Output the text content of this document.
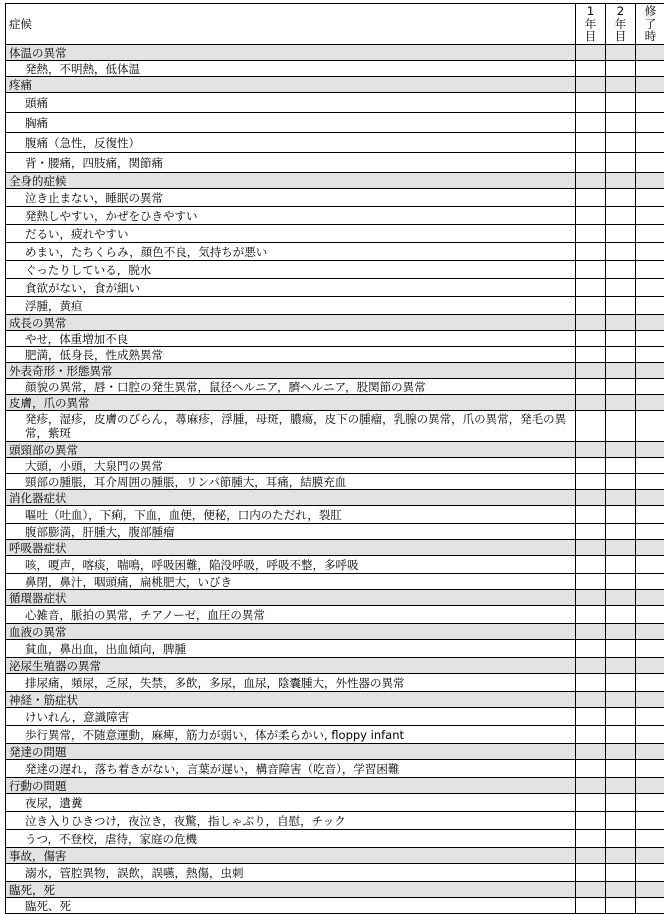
症候	1年目	2年目	修了時
体温の異常			
発熱，不明熱，低体温			
疼痛			
頭痛			
胸痛			
腹痛（急性，反復性）			
背・腰痛，四肢痛，関節痛			
全身的症候			
泣き止まない，睡眠の異常			
発熱しやすい，かぜをひきやすい			
だるい，疲れやすい			
めまい，たちくらみ，顔色不良，気持ちが悪い			
ぐったりしている，脱水			
食欲がない，食が細い			
浮腫，黄疸			
成長の異常			
やせ，体重増加不良			
肥満，低身長，性成熟異常			
外表奇形・形態異常			
顔貌の異常，唇・口腔の発生異常，鼠径ヘルニア，臍ヘルニア，股関節の異常			
皮膚，爪の異常			
発疹，湿疹，皮膚のびらん，蕁麻疹，浮腫，母斑，膿瘍，皮下の腫瘤，乳腺の異常，爪の異常，発毛の異常，紫斑			
頭頸部の異常			
大頭，小頭，大泉門の異常			
頸部の腫脹，耳介周囲の腫脹，リンパ節腫大，耳痛，結膜充血			
消化器症状			
嘔吐（吐血），下痢，下血，血便，便秘，口内のただれ，裂肛			
腹部膨満，肝腫大，腹部腫瘤			
呼吸器症状			
咳，嗄声，喀痰，喘鳴，呼吸困難，陥没呼吸，呼吸不整，多呼吸			
鼻閉，鼻汁，咽頭痛，扁桃肥大，いびき			
循環器症状			
心雑音，脈拍の異常，チアノーゼ，血圧の異常			
血液の異常			
貧血，鼻出血，出血傾向，脾腫			
泌尿生殖器の異常			
排尿痛，頻尿，乏尿，失禁，多飲，多尿，血尿，陰囊腫大，外性器の異常			
神経・筋症状			
けいれん，意識障害			
歩行異常，不随意運動，麻痺，筋力が弱い，体が柔らかい, floppy infant			
発達の問題			
発達の遅れ，落ち着きがない，言葉が遅い，構音障害（吃音），学習困難			
行動の問題			
夜尿，遺糞			
泣き入りひきつけ，夜泣き，夜驚，指しゃぶり，自慰，チック			
うつ，不登校，虐待，家庭の危機			
事故，傷害			
溺水，管腔異物，誤飲，誤嚥，熱傷，虫刺			
臨死，死			
臨死、死			
